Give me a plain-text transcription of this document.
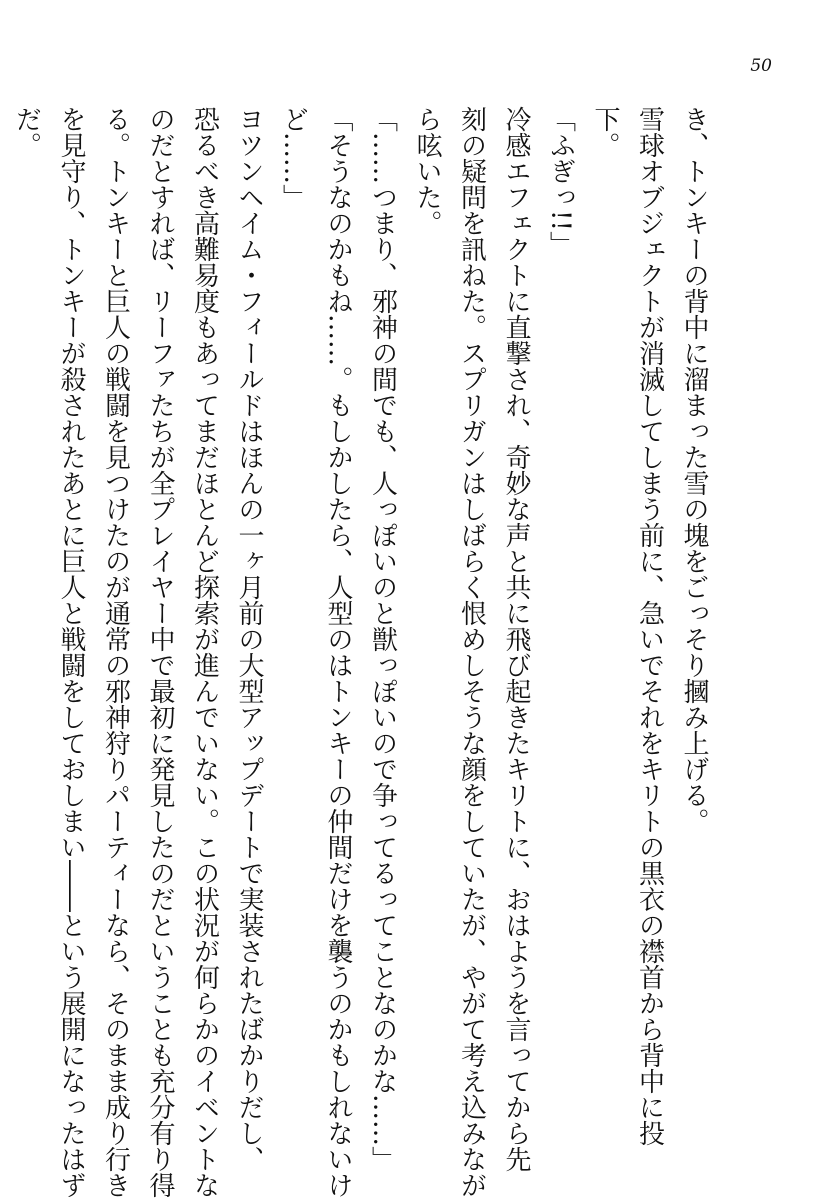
50
き、トンキーの背中に溜まった雪の塊をごっそり摑み上げる。
雪球オブジェクトが消滅してしまう前に、急いでそれをキリトの黒衣の襟首から背中に投
下。
「ふぎっ!!」
冷感エフェクトに直撃され、奇妙な声と共に飛び起きたキリトに、おはようを言ってから先
刻の疑問を訊ねた。スプリガンはしばらく恨めしそうな顔をしていたが、やがて考え込みなが
ら呟いた。
「……つまり、邪神の間でも、人っぽいのと獣っぽいので争ってるってことなのかな……」
「そうなのかもね……。もしかしたら、人型のはトンキーの仲間だけを襲うのかもしれないけ
ど……」
ヨツンヘイム・フィールドはほんの一ヶ月前の大型アップデートで実装されたばかりだし、
恐るべき高難易度もあってまだほとんど探索が進んでいない。この状況が何らかのイベントな
のだとすれば、リーファたちが全プレイヤー中で最初に発見したのだということも充分有り得
る。トンキーと巨人の戦闘を見つけたのが通常の邪神狩りパーティーなら、そのまま成り行き
を見守り、トンキーが殺されたあとに巨人と戦闘をしておしまい――という展開になったはず
だ。
